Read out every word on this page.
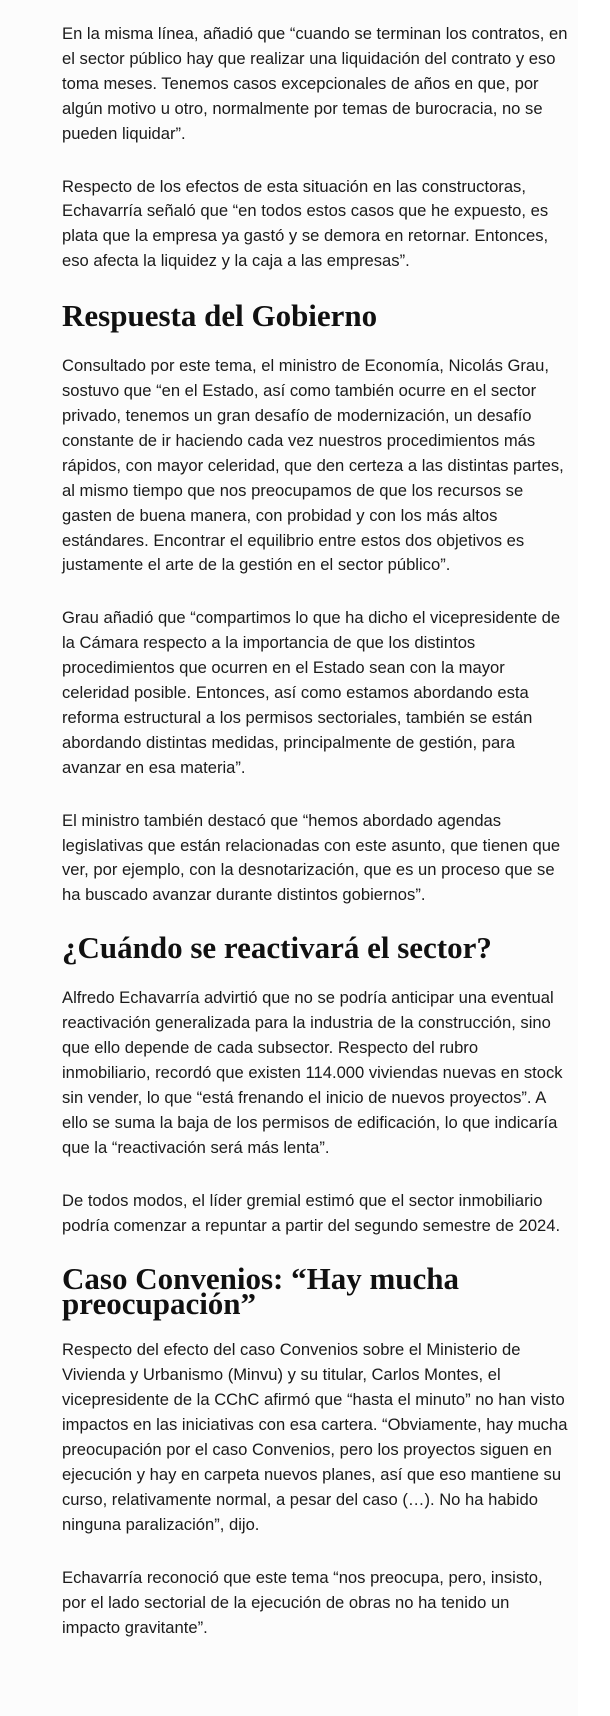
En la misma línea, añadió que “cuando se terminan los contratos, en el sector público hay que realizar una liquidación del contrato y eso toma meses. Tenemos casos excepcionales de años en que, por algún motivo u otro, normalmente por temas de burocracia, no se pueden liquidar”.

Respecto de los efectos de esta situación en las constructoras, Echavarría señaló que “en todos estos casos que he expuesto, es plata que la empresa ya gastó y se demora en retornar. Entonces, eso afecta la liquidez y la caja a las empresas”.

Respuesta del Gobierno

Consultado por este tema, el ministro de Economía, Nicolás Grau, sostuvo que “en el Estado, así como también ocurre en el sector privado, tenemos un gran desafío de modernización, un desafío constante de ir haciendo cada vez nuestros procedimientos más rápidos, con mayor celeridad, que den certeza a las distintas partes, al mismo tiempo que nos preocupamos de que los recursos se gasten de buena manera, con probidad y con los más altos estándares. Encontrar el equilibrio entre estos dos objetivos es justamente el arte de la gestión en el sector público”.

Grau añadió que “compartimos lo que ha dicho el vicepresidente de la Cámara respecto a la importancia de que los distintos procedimientos que ocurren en el Estado sean con la mayor celeridad posible. Entonces, así como estamos abordando esta reforma estructural a los permisos sectoriales, también se están abordando distintas medidas, principalmente de gestión, para avanzar en esa materia”.

El ministro también destacó que “hemos abordado agendas legislativas que están relacionadas con este asunto, que tienen que ver, por ejemplo, con la desnotarización, que es un proceso que se ha buscado avanzar durante distintos gobiernos”.

¿Cuándo se reactivará el sector?

Alfredo Echavarría advirtió que no se podría anticipar una eventual reactivación generalizada para la industria de la construcción, sino que ello depende de cada subsector. Respecto del rubro inmobiliario, recordó que existen 114.000 viviendas nuevas en stock sin vender, lo que “está frenando el inicio de nuevos proyectos”. A ello se suma la baja de los permisos de edificación, lo que indicaría que la “reactivación será más lenta”.

De todos modos, el líder gremial estimó que el sector inmobiliario podría comenzar a repuntar a partir del segundo semestre de 2024.

Caso Convenios: “Hay mucha preocupación”

Respecto del efecto del caso Convenios sobre el Ministerio de Vivienda y Urbanismo (Minvu) y su titular, Carlos Montes, el vicepresidente de la CChC afirmó que “hasta el minuto” no han visto impactos en las iniciativas con esa cartera. “Obviamente, hay mucha preocupación por el caso Convenios, pero los proyectos siguen en ejecución y hay en carpeta nuevos planes, así que eso mantiene su curso, relativamente normal, a pesar del caso (…). No ha habido ninguna paralización”, dijo.

Echavarría reconoció que este tema “nos preocupa, pero, insisto, por el lado sectorial de la ejecución de obras no ha tenido un impacto gravitante”.
